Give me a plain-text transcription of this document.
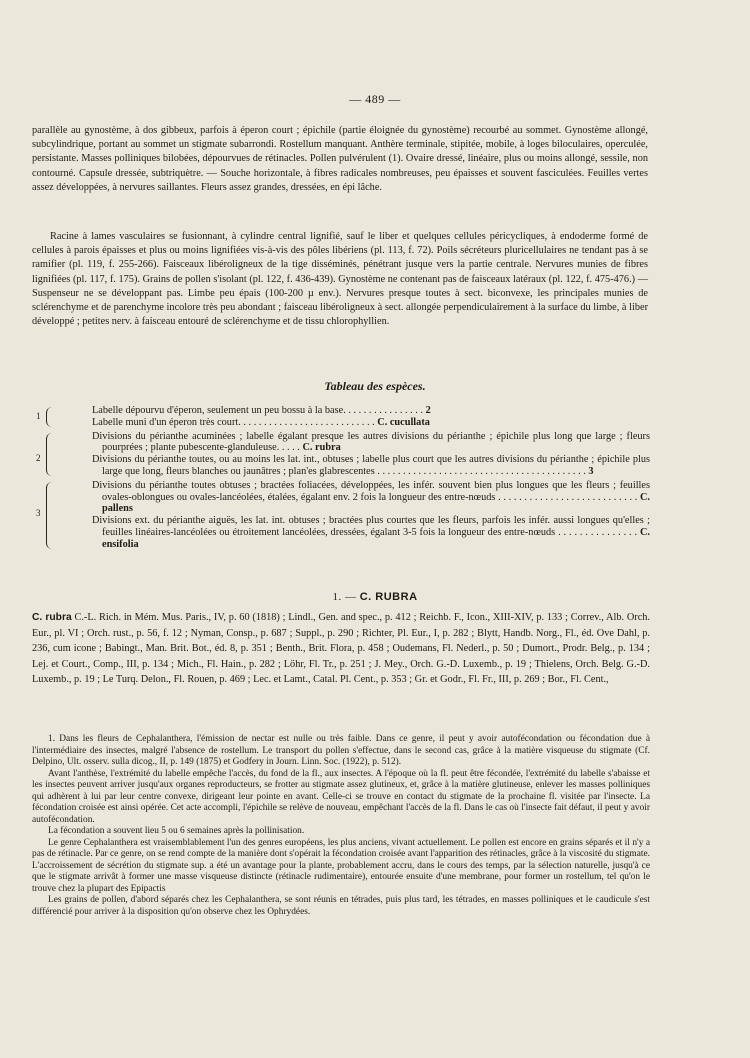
— 489 —
parallèle au gynostème, à dos gibbeux, parfois à éperon court ; épichile (partie éloignée du gynostème) recourbé au sommet. Gynostème allongé, subcylindrique, portant au sommet un stigmate subarrondi. Rostellum manquant. Anthère terminale, stipitée, mobile, à loges biloculaires, operculée, persistante. Masses polliniques bilobées, dépourvues de rétinacles. Pollen pulvérulent (1). Ovaire dressé, linéaire, plus ou moins allongé, sessile, non contourné. Capsule dressée, subtriquètre. — Souche horizontale, à fibres radicales nombreuses, peu épaisses et souvent fasciculées. Feuilles vertes assez développées, à nervures saillantes. Fleurs assez grandes, dressées, en épi lâche.
Racine à lames vasculaires se fusionnant, à cylindre central lignifié, sauf le liber et quelques cellules péricycliques, à endoderme formé de cellules à parois épaisses et plus ou moins lignifiées vis-à-vis des pôles libériens (pl. 113, f. 72). Poils sécréteurs pluricellulaires ne tendant pas à se ramifier (pl. 119, f. 255-266). Faisceaux libéroligneux de la tige disséminés, pénétrant jusque vers la partie centrale. Nervures munies de fibres lignifiées (pl. 117, f. 175). Grains de pollen s'isolant (pl. 122, f. 436-439). Gynostème ne contenant pas de faisceaux latéraux (pl. 122, f. 475-476.) — Suspenseur ne se développant pas. Limbe peu épais (100-200 µ env.). Nervures presque toutes à sect. biconvexe, les principales munies de sclérenchyme et de parenchyme incolore très peu abondant ; faisceau libéroligneux à sect. allongée perpendiculairement à la surface du limbe, à liber développé ; petites nerv. à faisceau entouré de sclérenchyme et de tissu chlorophyllien.
Tableau des espèces.
1	Labelle dépourvu d'éperon, seulement un peu bossu à la base. . . . . . . . . . . . . . . . 2
Labelle muni d'un éperon très court. . . . . . . . . . . . . . . . . . . . . . . . . . . C. cucullata
2
Divisions du périanthe acuminées ; labelle égalant presque les autres divisions du périanthe ; épichile plus long que large ; fleurs pourprées ; plante pubescente-glanduleuse. . . . . C. rubra
Divisions du périanthe toutes, ou au moins les lat. int., obtuses ; labelle plus court que les autres divisions du périanthe ; épichile plus large que long, fleurs blanches ou jaunâtres ; plan'es glabrescentes . . . . . . . . . . . . . . . . . . . . . . . . . . . . . . . . . . . . . . . . . 3
3
Divisions du périanthe toutes obtuses ; bractées foliacées, développées, les infér. souvent bien plus longues que les fleurs ; feuilles ovales-oblongues ou ovales-lancéolées, étalées, égalant env. 2 fois la longueur des entre-nœuds . . . . . . . . . . . . . . . . . . . . . . . . . . . C. pallens
Divisions ext. du périanthe aiguës, les lat. int. obtuses ; bractées plus courtes que les fleurs, parfois les infér. aussi longues qu'elles ; feuilles linéaires-lancéolées ou étroitement lancéolées, dressées, égalant 3-5 fois la longueur des entre-nœuds . . . . . . . . . . . . . . . C. ensifolia
1. — C. RUBRA
C. rubra C.-L. Rich. in Mém. Mus. Paris., IV, p. 60 (1818) ; Lindl., Gen. and spec., p. 412 ; Reichb. F., Icon., XIII-XIV, p. 133 ; Correv., Alb. Orch. Eur., pl. VI ; Orch. rust., p. 56, f. 12 ; Nyman, Consp., p. 687 ; Suppl., p. 290 ; Richter, Pl. Eur., I, p. 282 ; Blytt, Handb. Norg., Fl., éd. Ove Dahl, p. 236, cum icone ; Babingt., Man. Brit. Bot., éd. 8, p. 351 ; Benth., Brit. Flora, p. 458 ; Oudemans, Fl. Nederl., p. 50 ; Dumort., Prodr. Belg., p. 134 ; Lej. et Court., Comp., III, p. 134 ; Mich., Fl. Hain., p. 282 ; Löhr, Fl. Tr., p. 251 ; J. Mey., Orch. G.-D. Luxemb., p. 19 ; Thielens, Orch. Belg. G.-D. Luxemb., p. 19 ; Le Turq. Delon., Fl. Rouen, p. 469 ; Lec. et Lamt., Catal. Pl. Cent., p. 353 ; Gr. et Godr., Fl. Fr., III, p. 269 ; Bor., Fl. Cent.,

1. Dans les fleurs de Cephalanthera, l'émission de nectar est nulle ou très faible. Dans ce genre, il peut y avoir autofécondation ou fécondation due à l'intermédiaire des insectes, malgré l'absence de rostellum. Le transport du pollen s'effectue, dans le second cas, grâce à la matière visqueuse du stigmate (Cf. Delpino, Ult. osserv. sulla dicog., II, p. 149 (1875) et Godfery in Journ. Linn. Soc. (1922), p. 512).

Avant l'anthèse, l'extrémité du labelle empêche l'accès, du fond de la fl., aux insectes. A l'époque où la fl. peut être fécondée, l'extrémité du labelle s'abaisse et les insectes peuvent arriver jusqu'aux organes reproducteurs, se frotter au stigmate assez glutineux, et, grâce à la matière glutineuse, enlever les masses polliniques qui adhèrent à lui par leur centre convexe, dirigeant leur pointe en avant. Celle-ci se trouve en contact du stigmate de la prochaine fl. visitée par l'insecte. La fécondation croisée est ainsi opérée. Cet acte accompli, l'épichile se relève de nouveau, empêchant l'accès de la fl. Dans le cas où l'insecte fait défaut, il peut y avoir autofécondation.

La fécondation a souvent lieu 5 ou 6 semaines après la pollinisation.

Le genre Cephalanthera est vraisemblablement l'un des genres européens, les plus anciens, vivant actuellement. Le pollen est encore en grains séparés et il n'y a pas de rétinacle. Par ce genre, on se rend compte de la manière dont s'opérait la fécondation croisée avant l'apparition des rétinacles, grâce à la viscosité du stigmate. L'accroissement de sécrétion du stigmate sup. a été un avantage pour la plante, probablement accru, dans le cours des temps, par la sélection naturelle, jusqu'à ce que le stigmate arrivât à former une masse visqueuse distincte (rétinacle rudimentaire), entourée ensuite d'une membrane, pour former un rostellum, tel qu'on le trouve chez la plupart des Epipactis

Les grains de pollen, d'abord séparés chez les Cephalanthera, se sont réunis en tétrades, puis plus tard, les tétrades, en masses polliniques et le caudicule s'est différencié pour arriver à la disposition qu'on observe chez les Ophrydées.
